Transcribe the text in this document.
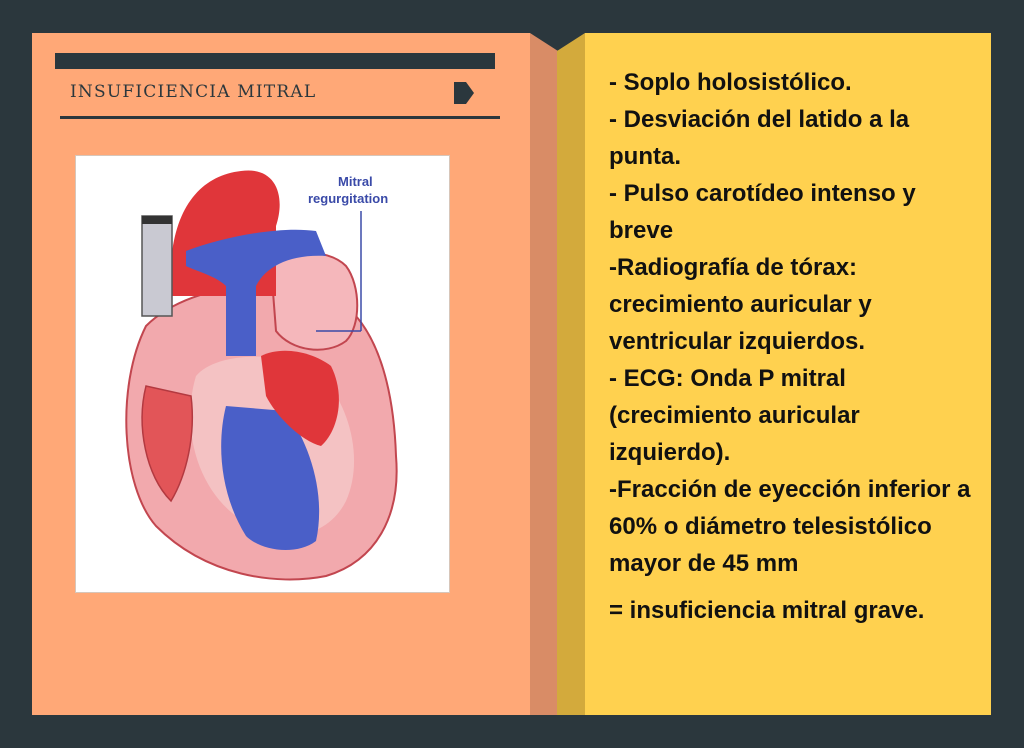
INSUFICIENCIA MITRAL
Mitral
regurgitation

- Soplo holosistólico.

- Desviación del latido a la punta.

- Pulso carotídeo intenso y breve

-Radiografía de tórax: crecimiento auricular y ventricular izquierdos.

- ECG: Onda P mitral (crecimiento auricular izquierdo).

-Fracción de eyección inferior a 60% o diámetro telesistólico mayor de 45 mm

= insuficiencia mitral grave.
